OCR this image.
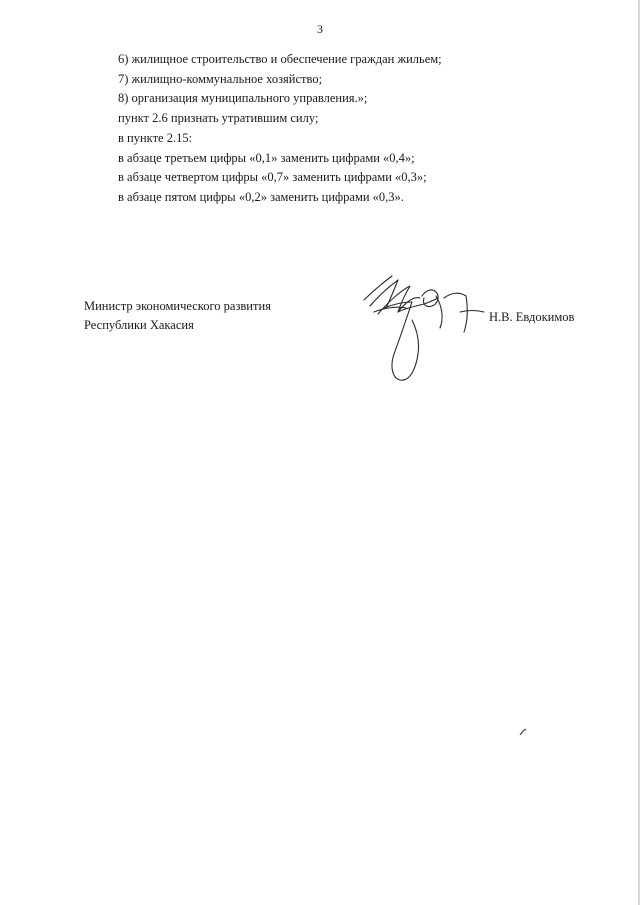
3
6) жилищное строительство и обеспечение граждан жильем;
7) жилищно-коммунальное хозяйство;
8) организация муниципального управления.»;
пункт 2.6 признать утратившим силу;
в пункте 2.15:
в абзаце третьем цифры «0,1» заменить цифрами «0,4»;
в абзаце четвертом цифры «0,7» заменить цифрами «0,3»;
в абзаце пятом цифры «0,2» заменить цифрами «0,3».
Министр экономического развития
Республики Хакасия
Н.В. Евдокимов
